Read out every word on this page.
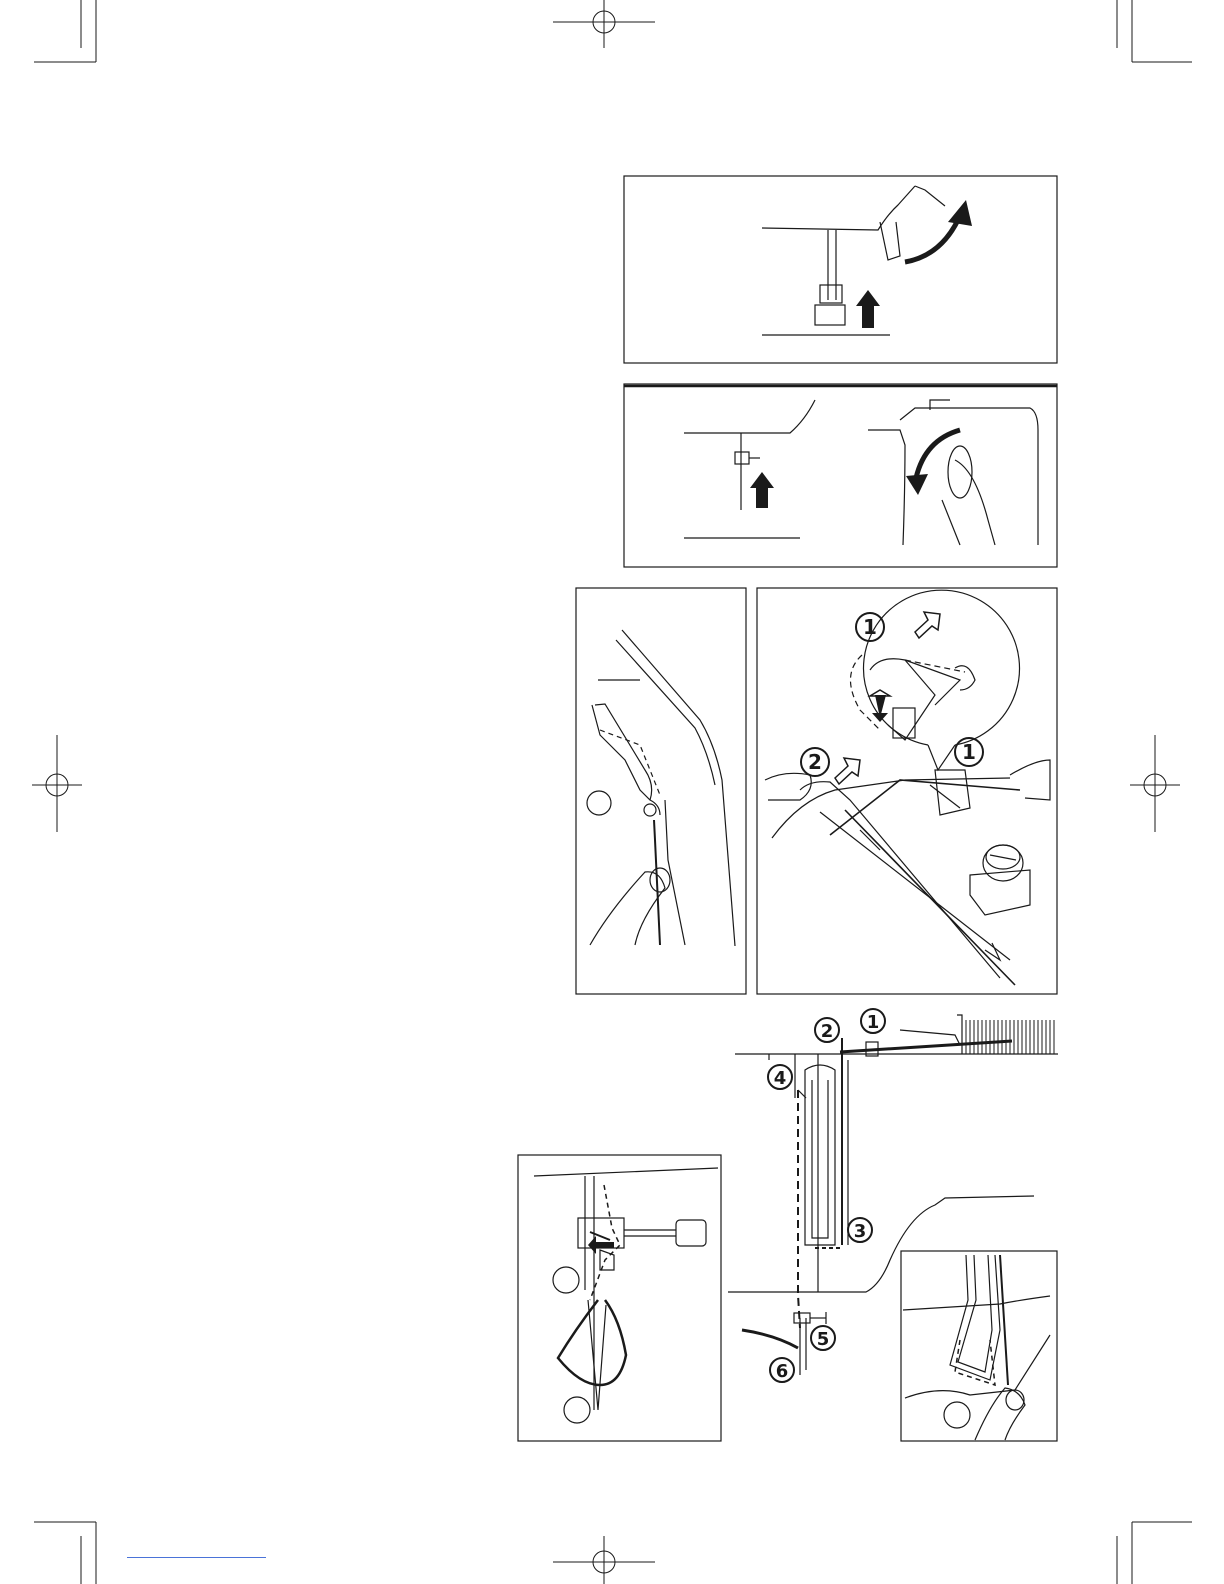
1
2	1
1
2
3
4
5
6
